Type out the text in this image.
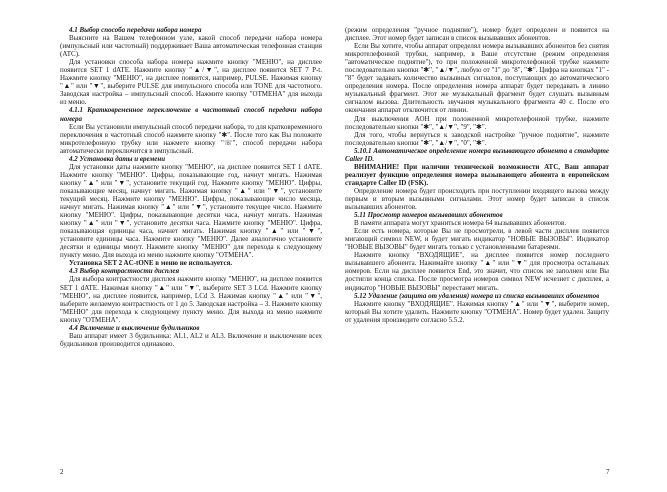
4.1 Выбор способа передачи набора номера

Выясните на Вашем телефонном узле, какой способ передачи набора номера (импульсный или частотный) поддерживает Ваша автоматическая телефонная станция (АТС).

Для установки способа набора номера нажмите кнопку "МЕНЮ", на дисплее появится SET 1 dATE. Нажмите кнопку "▲/▼", на дисплее появится SET 7 P-t. Нажмите кнопку "МЕНЮ", на дисплее появится, например, PULSE. Нажимая кнопку "▲" или "▼", выберите PULSE для импульсного способа или TONE для частотного. Заводская настройка – импульсный способ. Нажмите кнопку "ОТМЕНА" для выхода из меню.

4.1.1 Кратковременное переключение в частотный способ передачи набора номера

Если Вы установили импульсный способ передачи набора, то для кратковременного переключения в частотный способ нажмите кнопку "✱". После того как Вы положите микротелефонную трубку или нажмете кнопку "☏", способ передачи набора автоматически переключится в импульсный.

4.2 Установка даты и времени

Для установки даты нажмите кнопку "МЕНЮ", на дисплее появится SET 1 dATE. Нажмите кнопку "МЕНЮ". Цифры, показывающие год, начнут мигать. Нажимая кнопку "▲" или "▼", установите текущий год. Нажмите кнопку "МЕНЮ". Цифры, показывающие месяц, начнут мигать. Нажимая кнопку "▲" или "▼", установите текущий месяц. Нажмите кнопку "МЕНЮ". Цифры, показывающие число месяца, начнут мигать. Нажимая кнопку "▲" или "▼", установите текущее число. Нажмите кнопку "МЕНЮ". Цифры, показывающие десятки часа, начнут мигать. Нажимая кнопку "▲" или "▼", установите десятки часа. Нажмите кнопку "МЕНЮ". Цифра, показывающая единицы часа, начнет мигать. Нажимая кнопку "▲" или "▼", установите единицы часа. Нажмите кнопку "МЕНЮ". Далее аналогично установите десятки и единицы минут. Нажмите кнопку "МЕНЮ" для перехода к следующему пункту меню. Для выхода из меню нажмите кнопку "ОТМЕНА".

Установка SET 2 AC-tONE в меню не используется.

4.3 Выбор контрастности дисплея

Для выбора контрастности дисплея нажмите кнопку "МЕНЮ", на дисплее появится SET 1 dATE. Нажимая кнопку "▲" или "▼", выберите SET 3 LCd. Нажмите кнопку "МЕНЮ", на дисплее появится, например, LCd 3. Нажимая кнопку "▲" или "▼", выберите желаемую контрастность от 1 до 5. Заводская настройка – 3. Нажмите кнопку "МЕНЮ" для перехода к следующему пункту меню. Для выхода из меню нажмите кнопку "ОТМЕНА".

4.4 Включение и выключение будильников

Ваш аппарат имеет 3 будильника: AL1, AL2 и AL3. Включение и выключение всех будильников производится одинаково.

(режим определения "ручное подняпие"), номер будет определен и появится на дисплее. Этот номер будет записан в список вызывавших абонентов.

Если Вы хотите, чтобы аппарат определял номера вызывавших абонентов без снятия микротелефонной трубки, например, в Ваше отсутствие (режим определения "автоматическое поднятие"), то при положенной микротелефонной трубке нажмите последовательно кнопки "✱", "▲/▼", любую от "1" до "8", "✱". Цифра на кнопках "1" - "8" будет задавать количество вызывных сигналов, поступающих до автоматического определения номера. После определения номера аппарат будет передавать в линию музыкальный фрагмент. Этот же музыкальный фрагмент будет слушать вызывным сигналом вызова. Длительность звучания музыкального фрагмента 40 с. После его окончания аппарат отключится от линии.

Для выключения АОН при положенной микротелефонной трубке, нажмите последовательно кнопки "✱", "▲/▼", "9", "✱".

Для того, чтобы вернуться к заводской настройке "ручное поднятие", нажмите последовательно кнопки "✱", "▲/▼", "0", "✱".

5.10.1 Автоматическое определение номера вызывающего абонента в стандарте Caller ID.

ВНИМАНИЕ! При наличии технической возможности АТС, Ваш аппарат реализует функцию определения номера вызывающего абонента в европейском стандарте Caller ID (FSK).

Определение номера будет происходить при поступлении входящего вызова между первым и вторым вызывными сигналами. Этот номер будет записан в список вызывавших абонентов.

5.11 Просмотр номеров вызывавших абонентов

В памяти аппарата могут храниться номера 64 вызывавших абонентов.

Если есть номера, которые Вы не просмотрели, в левой части дисплея появится мигающий символ NEW, и будет мигать индикатор "НОВЫЕ ВЫЗОВЫ". Индикатор "НОВЫЕ ВЫЗОВЫ" будет мигать только с установленными батареями.

Нажмите кнопку "ВХОДЯЩИЕ", на дисплее появится номер последнего вызывавшего абонента. Нажимайте кнопку "▲" или "▼" для просмотра остальных номеров. Если на дисплее появится End, это значит, что список не заполнен или Вы достигли конца списка. После просмотра номеров символ NEW исчезнет с дисплея, а индикатор "НОВЫЕ ВЫЗОВЫ" перестанет мигать.

5.12 Удаление (защита от удаления) номера из списка вызывавших абонентов

Нажмите кнопку "ВХОДЯЩИЕ". Нажимая кнопку "▲" или "▼", выберите номер, который Вы хотите удалить. Нажмите кнопку "ОТМЕНА". Номер будет удален. Защиту от удаления произведите согласно 5.5.2.

2	7
